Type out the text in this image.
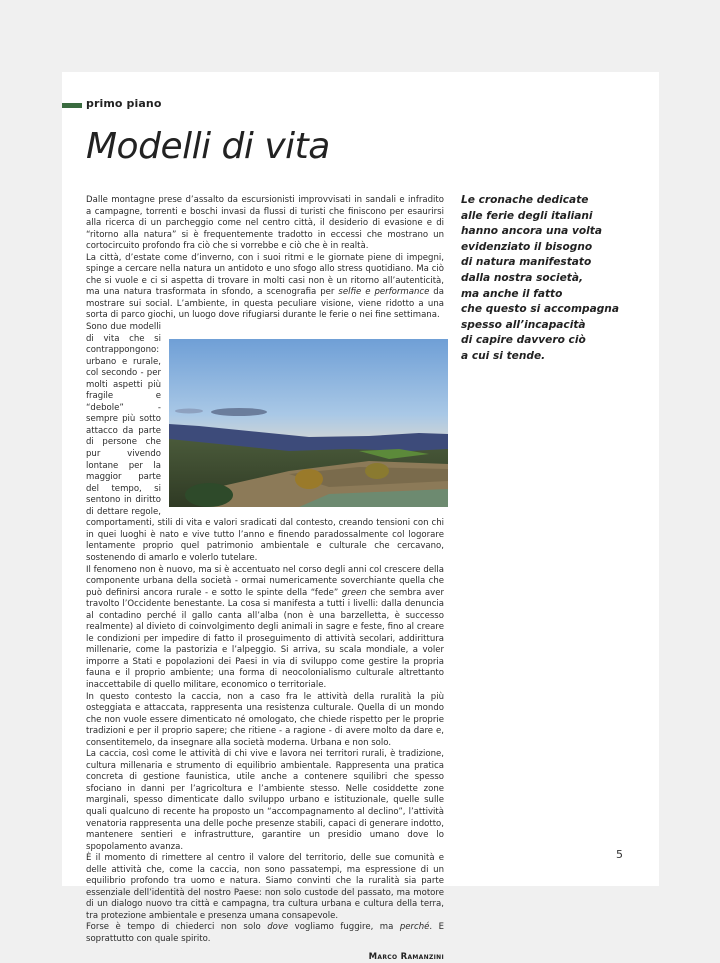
primo piano
Modelli di vita
Le cronache dedicate
alle ferie degli italiani
hanno ancora una volta
evidenziato il bisogno
di natura manifestato
dalla nostra società,
ma anche il fatto
che questo si accompagna
spesso all’incapacità
di capire davvero ciò
a cui si tende.

Dalle montagne prese d’assalto da escursionisti improvvisati in sandali e infradito a campagne, torrenti e boschi invasi da flussi di turisti che finiscono per esaurirsi alla ricerca di un parcheggio come nel centro città, il desiderio di evasione e di “ritorno alla natura” si è frequentemente tradotto in eccessi che mostrano un cortocircuito profondo fra ciò che si vorrebbe e ciò che è in realtà.

La città, d’estate come d’inverno, con i suoi ritmi e le giornate piene di impegni, spinge a cercare nella natura un antidoto e uno sfogo allo stress quotidiano. Ma ciò che si vuole e ci si aspetta di trovare in molti casi non è un ritorno all’autenticità, ma una natura trasformata in sfondo, a scenografia per selfie e performance da mostrare sui social. L’ambiente, in questa peculiare visione, viene ridotto a una sorta di parco giochi, un luogo dove rifugiarsi durante le ferie o nei fine settimana.

Sono due modelli di vita che si contrappongono: urbano e rurale, col secondo - per molti aspetti più fragile e “debole” - sempre più sotto attacco da parte di persone che pur vivendo lontane per la maggior parte del tempo, si sentono in diritto di dettare regole, comportamenti, stili di vita e valori sradicati dal contesto, creando tensioni con chi in quei luoghi è nato e vive tutto l’anno e finendo paradossalmente col logorare lentamente proprio quel patrimonio ambientale e culturale che cercavano, sostenendo di amarlo e volerlo tutelare.

Il fenomeno non è nuovo, ma si è accentuato nel corso degli anni col crescere della componente urbana della società - ormai numericamente soverchiante quella che può definirsi ancora rurale - e sotto le spinte della “fede” green che sembra aver travolto l’Occidente benestante. La cosa si manifesta a tutti i livelli: dalla denuncia al contadino perché il gallo canta all’alba (non è una barzelletta, è successo realmente) al divieto di coinvolgimento degli animali in sagre e feste, fino al creare le condizioni per impedire di fatto il proseguimento di attività secolari, addirittura millenarie, come la pastorizia e l’alpeggio. Si arriva, su scala mondiale, a voler imporre a Stati e popolazioni dei Paesi in via di sviluppo come gestire la propria fauna e il proprio ambiente; una forma di neocolonialismo culturale altrettanto inaccettabile di quello militare, economico o territoriale.

In questo contesto la caccia, non a caso fra le attività della ruralità la più osteggiata e attaccata, rappresenta una resistenza culturale. Quella di un mondo che non vuole essere dimenticato né omologato, che chiede rispetto per le proprie tradizioni e per il proprio sapere; che ritiene - a ragione - di avere molto da dare e, consentitemelo, da insegnare alla società moderna. Urbana e non solo.

La caccia, così come le attività di chi vive e lavora nei territori rurali, è tradizione, cultura millenaria e strumento di equilibrio ambientale. Rappresenta una pratica concreta di gestione faunistica, utile anche a contenere squilibri che spesso sfociano in danni per l’agricoltura e l’ambiente stesso. Nelle cosiddette zone marginali, spesso dimenticate dallo sviluppo urbano e istituzionale, quelle sulle quali qualcuno di recente ha proposto un “accompagnamento al declino”, l’attività venatoria rappresenta una delle poche presenze stabili, capaci di generare indotto, mantenere sentieri e infrastrutture, garantire un presidio umano dove lo spopolamento avanza.

È il momento di rimettere al centro il valore del territorio, delle sue comunità e delle attività che, come la caccia, non sono passatempi, ma espressione di un equilibrio profondo tra uomo e natura. Siamo convinti che la ruralità sia parte essenziale dell’identità del nostro Paese: non solo custode del passato, ma motore di un dialogo nuovo tra città e campagna, tra cultura urbana e cultura della terra, tra protezione ambientale e presenza umana consapevole.

Forse è tempo di chiederci non solo dove vogliamo fuggire, ma perché. E soprattutto con quale spirito.

Marco Ramanzini
5
